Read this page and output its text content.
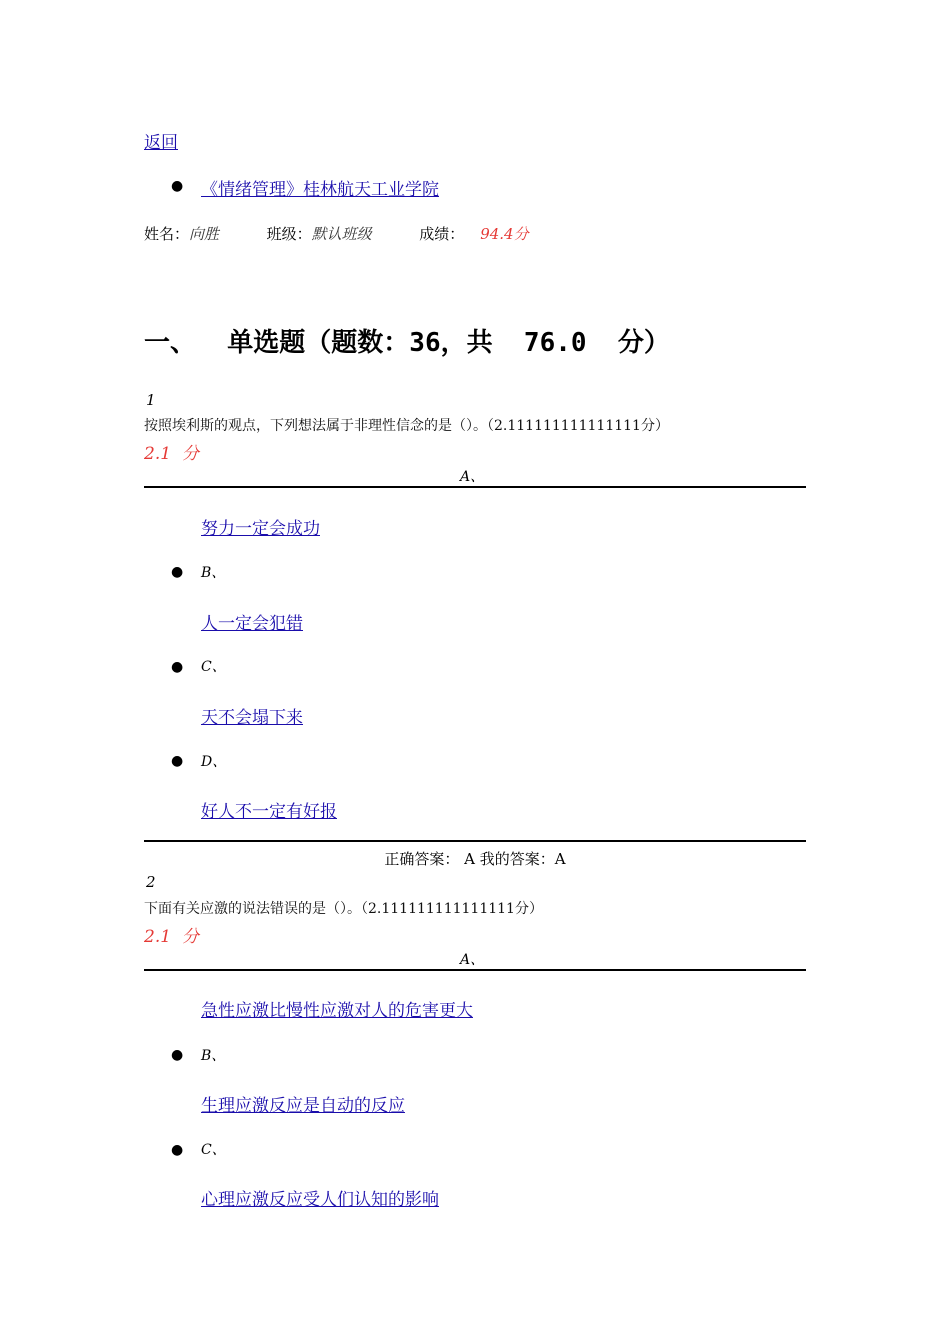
返回
● 《情绪管理》桂林航天工业学院
姓名：向胜	班级：默认班级	成绩： 94.4分
一、  单选题（题数：36，共  76.0  分）
1
按照埃利斯的观点，下列想法属于非理性信念的是（）。（2.111111111111111分）
2.1  分
A、
努力一定会成功
● B、
人一定会犯错
● C、
天不会塌下来
● D、
好人不一定有好报
正确答案： A 我的答案：A
2
下面有关应激的说法错误的是（）。（2.111111111111111分）
2.1  分
A、
急性应激比慢性应激对人的危害更大
● B、
生理应激反应是自动的反应
● C、
心理应激反应受人们认知的影响
